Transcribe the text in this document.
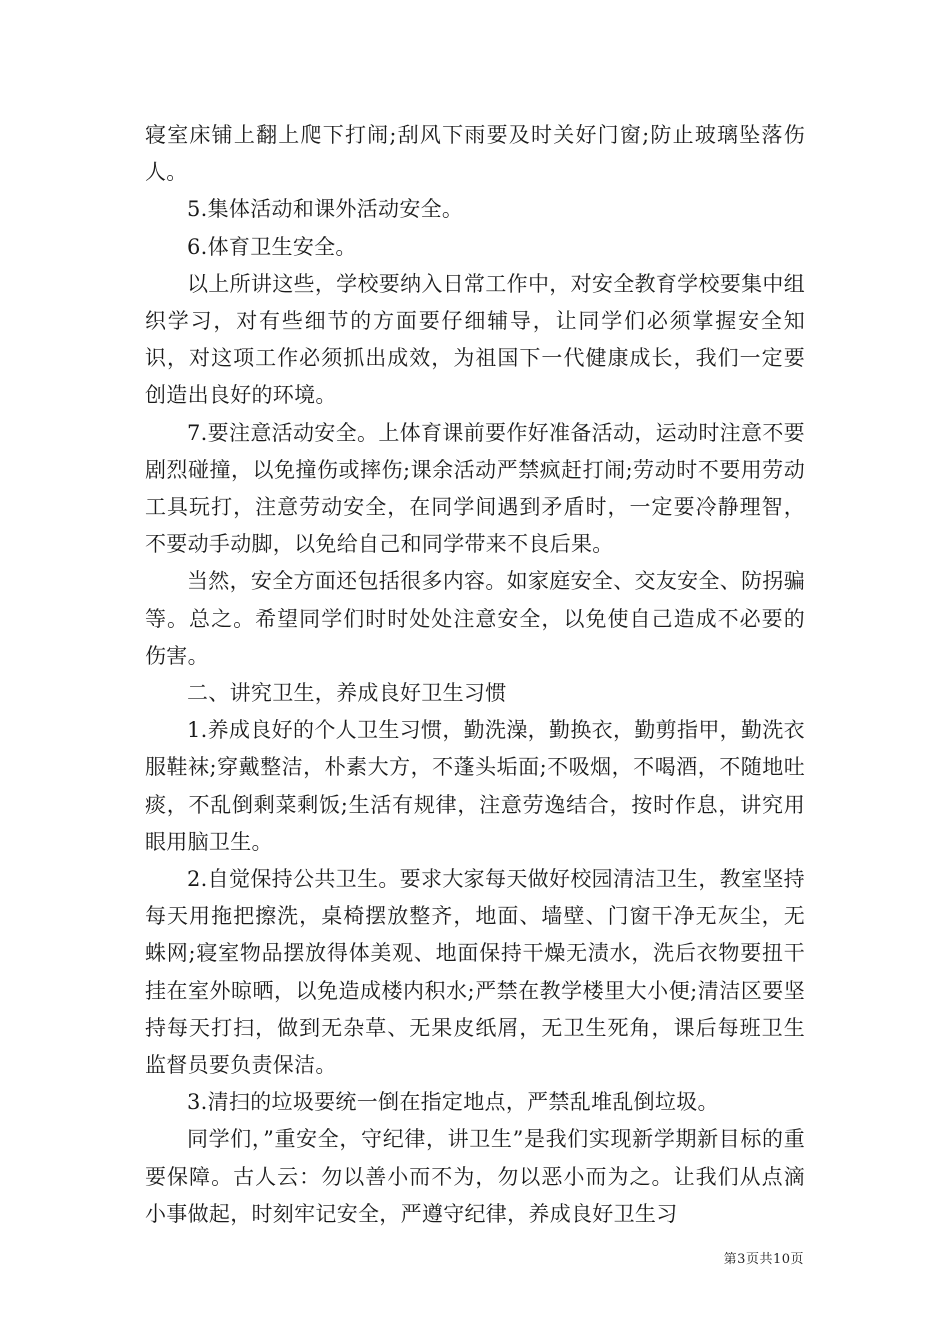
寝室床铺上翻上爬下打闹;刮风下雨要及时关好门窗;防止玻璃坠落伤人。

5.集体活动和课外活动安全。

6.体育卫生安全。

以上所讲这些，学校要纳入日常工作中，对安全教育学校要集中组织学习，对有些细节的方面要仔细辅导，让同学们必须掌握安全知识，对这项工作必须抓出成效，为祖国下一代健康成长，我们一定要创造出良好的环境。

7.要注意活动安全。上体育课前要作好准备活动，运动时注意不要剧烈碰撞，以免撞伤或摔伤;课余活动严禁疯赶打闹;劳动时不要用劳动工具玩打，注意劳动安全，在同学间遇到矛盾时，一定要冷静理智，不要动手动脚，以免给自己和同学带来不良后果。

当然，安全方面还包括很多内容。如家庭安全、交友安全、防拐骗等。总之。希望同学们时时处处注意安全，以免使自己造成不必要的伤害。

二、讲究卫生，养成良好卫生习惯

1.养成良好的个人卫生习惯，勤洗澡，勤换衣，勤剪指甲，勤洗衣服鞋袜;穿戴整洁，朴素大方，不蓬头垢面;不吸烟，不喝酒，不随地吐痰，不乱倒剩菜剩饭;生活有规律，注意劳逸结合，按时作息，讲究用眼用脑卫生。

2.自觉保持公共卫生。要求大家每天做好校园清洁卫生，教室坚持每天用拖把擦洗，桌椅摆放整齐，地面、墙壁、门窗干净无灰尘，无蛛网;寝室物品摆放得体美观、地面保持干燥无渍水，洗后衣物要扭干挂在室外晾晒，以免造成楼内积水;严禁在教学楼里大小便;清洁区要坚持每天打扫，做到无杂草、无果皮纸屑，无卫生死角，课后每班卫生监督员要负责保洁。

3.清扫的垃圾要统一倒在指定地点，严禁乱堆乱倒垃圾。

同学们，”重安全，守纪律，讲卫生”是我们实现新学期新目标的重要保障。古人云：勿以善小而不为，勿以恶小而为之。让我们从点滴小事做起，时刻牢记安全，严遵守纪律，养成良好卫生习

第3页共10页
